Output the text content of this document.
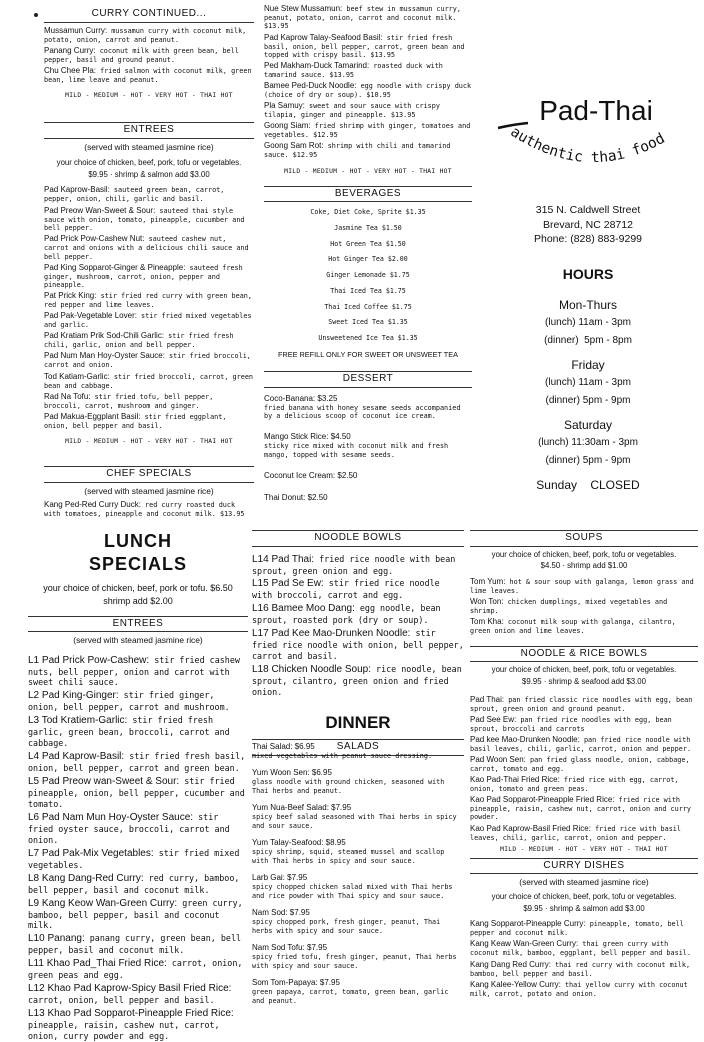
CURRY CONTINUED...
Mussamun Curry: mussamun curry with coconut milk, potato, onion, carrot and peanut.
Panang Curry: coconut milk with green bean, bell pepper, basil and ground peanut.
Chu Chee Pla: fried salmon with coconut milk, green bean, lime leave and peanut.
MILD - MEDIUM - HOT - VERY HOT - THAI HOT
ENTREES
(served with steamed jasmine rice)
your choice of chicken, beef, pork, tofu or vegetables.
$9.95 · shrimp & salmon add $3.00
Pad Kaprow-Basil: sauteed green bean, carrot, pepper, onion, chili, garlic and basil.
Pad Preow Wan-Sweet & Sour: sauteed thai style sauce with onion, tomato, pineapple, cucumber and bell pepper.
Pad Prick Pow-Cashew Nut: sauteed cashew nut, carrot and onions with a delicious chili sauce and bell pepper.
Pad King Sopparot-Ginger & Pineapple: sauteed fresh ginger, mushroom, carrot, onion, pepper and pineapple.
Pat Prick King: stir fried red curry with green bean, red pepper and lime leaves.
Pad Pak-Vegetable Lover: stir fried mixed vegetables and garlic.
Pad Kratiam Prik Sod-Chili Garlic: stir fried fresh chili, garlic, onion and bell pepper.
Pad Num Man Hoy-Oyster Sauce: stir fried broccoli, carrot and onion.
Tod Katiam-Garlic: stir fried broccoli, carrot, green bean and cabbage.
Rad Na Tofu: stir fried tofu, bell pepper, broccoli, carrot, mushroom and ginger.
Pad Makua-Eggplant Basil: stir fried eggplant, onion, bell pepper and basil.
MILD - MEDIUM - HOT - VERY HOT - THAI HOT
CHEF SPECIALS
(served with steamed jasmine rice)
Kang Ped-Red Curry Duck: red curry roasted duck with tomatoes, pineapple and coconut milk. $13.95
Nue Stew Mussamun: beef stew in mussamun curry, peanut, potato, onion, carrot and coconut milk. $13.95
Pad Kaprow Talay-Seafood Basil: stir fried fresh basil, onion, bell pepper, carrot, green bean and topped with crispy basil. $13.95
Ped Makham-Duck Tamarind: roasted duck with tamarind sauce. $13.95
Bamee Ped-Duck Noodle: egg noodle with crispy duck (choice of dry or soup). $10.95
Pla Samuy: sweet and sour sauce with crispy tilapia, ginger and pineapple. $13.95
Goong Siam: fried shrimp with ginger, tomatoes and vegetables. $12.95
Goong Sam Rot: shrimp with chili and tamarind sauce. $12.95
MILD - MEDIUM - HOT - VERY HOT - THAI HOT
BEVERAGES
Coke, Diet Coke, Sprite $1.35
Jasmine Tea $1.50
Hot Green Tea $1.50
Hot Ginger Tea $2.00
Ginger Lemonade $1.75
Thai Iced Tea $1.75
Thai Iced Coffee $1.75
Sweet Iced Tea $1.35
Unsweetened Ice Tea $1.35
FREE REFILL ONLY FOR SWEET OR UNSWEET TEA
DESSERT
Coco-Banana: $3.25
fried banana with honey sesame seeds accompanied by a delicious scoop of coconut ice cream.
Mango Stick Rice: $4.50
sticky rice mixed with coconut milk and fresh mango, topped with sesame seeds.
Coconut Ice Cream: $2.50
Thai Donut: $2.50
Pad-Thai
authentic thai food
315 N. Caldwell Street
Brevard, NC 28712
Phone: (828) 883-9299
HOURS
Mon-Thurs
(lunch) 11am - 3pm
(dinner)  5pm - 8pm
Friday
(lunch) 11am - 3pm
(dinner) 5pm - 9pm
Saturday
(lunch) 11:30am - 3pm
(dinner) 5pm - 9pm
Sunday    CLOSED
LUNCH
SPECIALS
your choice of chicken, beef, pork or tofu. $6.50
shrimp add $2.00
ENTREES
(served with steamed jasmine rice)
L1 Pad Prick Pow-Cashew: stir fried cashew nuts, bell pepper, onion and carrot with sweet chili sauce.
L2 Pad King-Ginger: stir fried ginger, onion, bell pepper, carrot and mushroom.
L3 Tod Kratiem-Garlic: stir fried fresh garlic, green bean, broccoli, carrot and cabbage.
L4 Pad Kaprow-Basil: stir fried fresh basil, onion, bell pepper, carrot and green bean.
L5 Pad Preow wan-Sweet & Sour: stir fried pineapple, onion, bell pepper, cucumber and tomato.
L6 Pad Nam Mun Hoy-Oyster Sauce: stir fried oyster sauce, broccoli, carrot and onion.
L7 Pad Pak-Mix Vegetables: stir fried mixed vegetables.
L8 Kang Dang-Red Curry: red curry, bamboo, bell pepper, basil and coconut milk.
L9 Kang Keow Wan-Green Curry: green curry, bamboo, bell pepper, basil and coconut milk.
L10 Panang: panang curry, green bean, bell pepper, basil and coconut milk.
L11 Khao Pad_Thai Fried Rice: carrot, onion, green peas and egg.
L12 Khao Pad Kaprow-Spicy Basil Fried Rice: carrot, onion, bell pepper and basil.
L13 Khao Pad Sopparot-Pineapple Fried Rice: pineapple, raisin, cashew nut, carrot, onion, curry powder and egg.
NOODLE BOWLS
L14 Pad Thai: fried rice noodle with bean sprout, green onion and egg.
L15 Pad Se Ew: stir fried rice noodle with broccoli, carrot and egg.
L16 Bamee Moo Dang: egg noodle, bean sprout, roasted pork (dry or soup).
L17 Pad Kee Mao-Drunken Noodle: stir fried rice noodle with onion, bell pepper, carrot and basil.
L18 Chicken Noodle Soup: rice noodle, bean sprout, cilantro, green onion and fried onion.
DINNER
SALADS
Thai Salad: $6.95
mixed vegetables with peanut sauce dressing.
Yum Woon Sen: $6.95
glass noodle with ground chicken, seasoned with Thai herbs and peanut.
Yum Nua-Beef Salad: $7.95
spicy beef salad seasoned with Thai herbs in spicy and sour sauce.
Yum Talay-Seafood: $8.95
spicy shrimp, squid, steamed mussel and scallop with Thai herbs in spicy and sour sauce.
Larb Gai: $7.95
spicy chopped chicken salad mixed with Thai herbs and rice powder with Thai spicy and sour sauce.
Nam Sod: $7.95
spicy chopped pork, fresh ginger, peanut, Thai herbs with spicy and sour sauce.
Nam Sod Tofu: $7.95
spicy fried tofu, fresh ginger, peanut, Thai herbs with spicy and sour sauce.
Som Tom-Papaya: $7.95
green papaya, carrot, tomato, green bean, garlic and peanut.
SOUPS
your choice of chicken, beef, pork, tofu or vegetables.
$4.50 · shrimp add $1.00
Tom Yum: hot & sour soup with galanga, lemon grass and lime leaves.
Won Ton: chicken dumplings, mixed vegetables and shrimp.
Tom Kha: coconut milk soup with galanga, cilantro, green onion and lime leaves.
NOODLE & RICE BOWLS
your choice of chicken, beef, pork, tofu or vegetables.
$9.95 · shrimp & seafood add $3.00
Pad Thai: pan fried classic rice noodles with egg, bean sprout, green onion and ground peanut.
Pad See Ew: pan fried rice noodles with egg, bean sprout, broccoli and carrots
Pad kee Mao-Drunken Noodle: pan fried rice noodle with basil leaves, chili, garlic, carrot, onion and pepper.
Pad Woon Sen: pan fried glass noodle, onion, cabbage, carrot, tomato and egg.
Kao Pad-Thai Fried Rice: fried rice with egg, carrot, onion, tomato and green peas.
Kao Pad Sopparot-Pineapple Fried Rice: fried rice with pineapple, raisin, cashew nut, carrot, onion and curry powder.
Kao Pad Kaprow-Basil Fried Rice: fried rice with basil leaves, chili, garlic, carrot, onion and pepper.
MILD - MEDIUM - HOT - VERY HOT - THAI HOT
CURRY DISHES
(served with steamed jasmine rice)
your choice of chicken, beef, pork, tofu or vegetables.
$9.95 · shrimp & salmon add $3.00
Kang Sopparot-Pineapple Curry: pineapple, tomato, bell pepper and coconut milk.
Kang Keaw Wan-Green Curry: thai green curry with coconut milk, bamboo, eggplant, bell pepper and basil.
Kang Dang Red Curry: thai red curry with coconut milk, bamboo, bell pepper and basil.
Kang Kalee-Yellow Curry: thai yellow curry with coconut milk, carrot, potato and onion.
